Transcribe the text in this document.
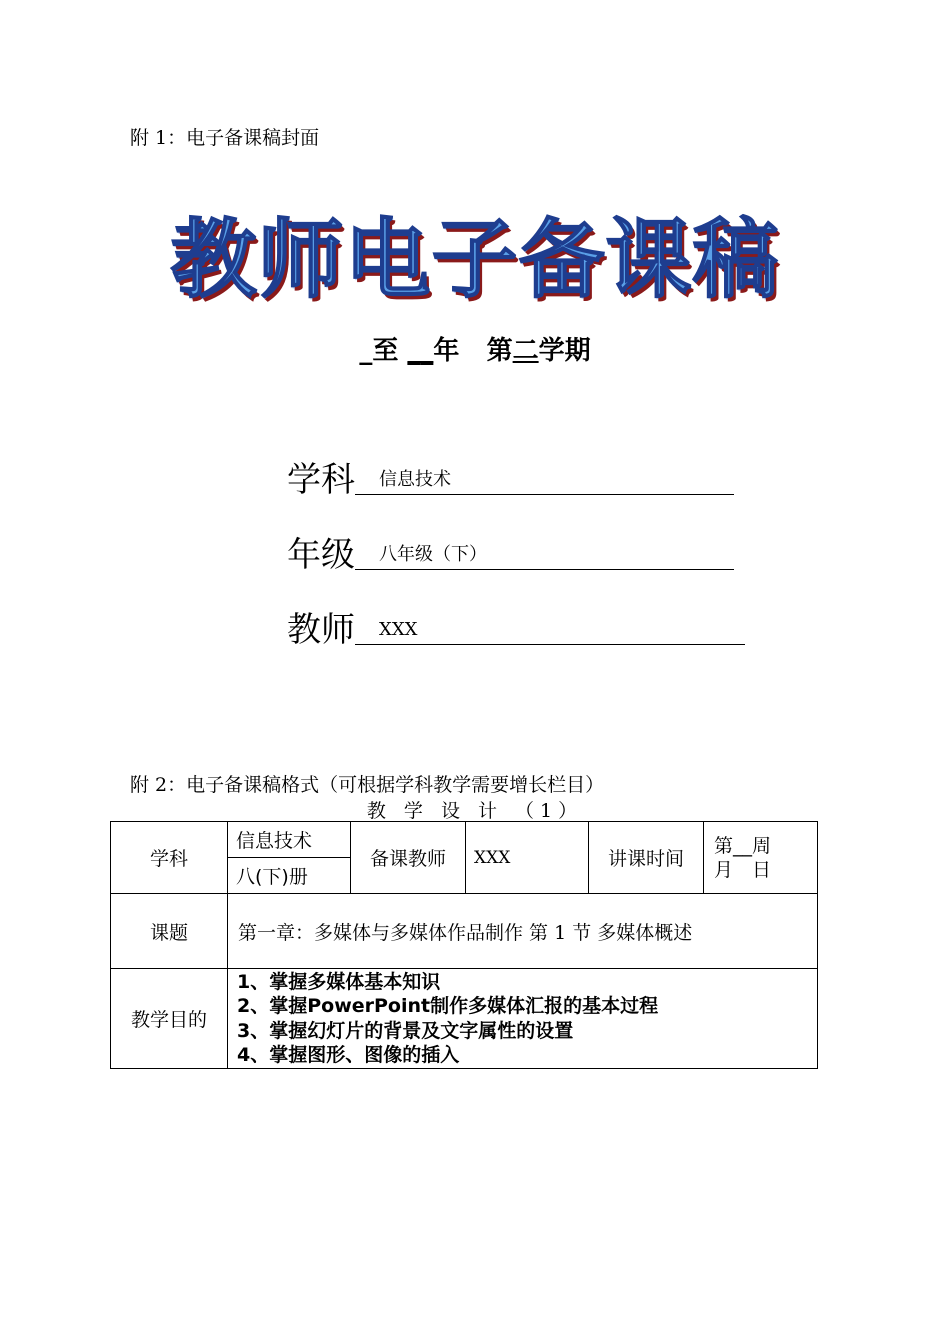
附 1：电子备课稿封面
教师电子备课稿
_至 __年 第二学期
学科	信息技术
年级	八年级（下）
教师	XXX
附 2：电子备课稿格式（可根据学科教学需要增长栏目）
教 学 设 计 （1）
学科	信息技术	备课教师	XXX	讲课时间	第__周
月　日

	八(下)册				
课题	第一章：多媒体与多媒体作品制作 第 1 节 多媒体概述				
教学目的	1、掌握多媒体基本知识
2、掌握PowerPoint制作多媒体汇报的基本过程
3、掌握幻灯片的背景及文字属性的设置
4、掌握图形、图像的插入				
